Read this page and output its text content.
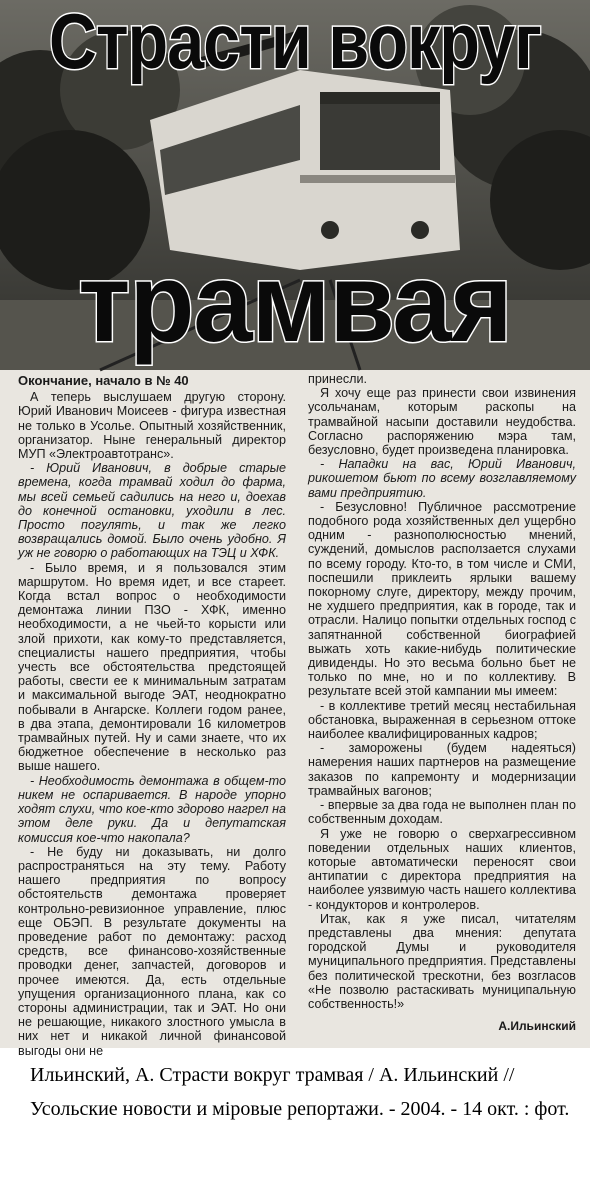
Страсти вокруг
трамвая

Окончание, начало в № 40

А теперь выслушаем другую сторону. Юрий Иванович Моисеев - фигура известная не только в Усолье. Опытный хозяйственник, организатор. Ныне генеральный директор МУП «Электроавтотранс».

- Юрий Иванович, в добрые старые времена, когда трамвай ходил до фарма, мы всей семьей садились на него и, доехав до конечной остановки, уходили в лес. Просто погулять, и так же легко возвращались домой. Было очень удобно. Я уж не говорю о работающих на ТЭЦ и ХФК.

- Было время, и я пользовался этим маршрутом. Но время идет, и все стареет. Когда встал вопрос о необходимости демонтажа линии ПЗО - ХФК, именно необходимости, а не чьей-то корысти или злой прихоти, как кому-то представляется, специалисты нашего предприятия, чтобы учесть все обстоятельства предстоящей работы, свести ее к минимальным затратам и максимальной выгоде ЭАТ, неоднократно побывали в Ангарске. Коллеги годом ранее, в два этапа, демонтировали 16 километров трамвайных путей. Ну и сами знаете, что их бюджетное обеспечение в несколько раз выше нашего.

- Необходимость демонтажа в общем-то никем не оспаривается. В народе упорно ходят слухи, что кое-кто здорово нагрел на этом деле руки. Да и депутатская комиссия кое-что накопала?

- Не буду ни доказывать, ни долго распространяться на эту тему. Работу нашего предприятия по вопросу обстоятельств демонтажа проверяет контрольно-ревизионное управление, плюс еще ОБЭП. В результате документы на проведение работ по демонтажу: расход средств, все финансово-хозяйственные проводки денег, запчастей, договоров и прочее имеются. Да, есть отдельные упущения организационного плана, как со стороны администрации, так и ЭАТ. Но они не решающие, никакого злостного умысла в них нет и никакой личной финансовой выгоды они не

принесли.

Я хочу еще раз принести свои извинения усольчанам, которым раскопы на трамвайной насыпи доставили неудобства. Согласно распоряжению мэра там, безусловно, будет произведена планировка.

- Нападки на вас, Юрий Иванович, рикошетом бьют по всему возглавляемому вами предприятию.

- Безусловно! Публичное рассмотрение подобного рода хозяйственных дел ущербно одним - разнополюсностью мнений, суждений, домыслов расползается слухами по всему городу. Кто-то, в том числе и СМИ, поспешили приклеить ярлыки вашему покорному слуге, директору, между прочим, не худшего предприятия, как в городе, так и отрасли. Налицо попытки отдельных господ с запятнанной собственной биографией выжать хоть какие-нибудь политические дивиденды. Но это весьма больно бьет не только по мне, но и по коллективу. В результате всей этой кампании мы имеем:

- в коллективе третий месяц нестабильная обстановка, выраженная в серьезном оттоке наиболее квалифицированных кадров;

- заморожены (будем надеяться) намерения наших партнеров на размещение заказов по капремонту и модернизации трамвайных вагонов;

- впервые за два года не выполнен план по собственным доходам.

Я уже не говорю о сверхагрессивном поведении отдельных наших клиентов, которые автоматически переносят свои антипатии с директора предприятия на наиболее уязвимую часть нашего коллектива - кондукторов и контролеров.

Итак, как я уже писал, читателям представлены два мнения: депутата городской Думы и руководителя муниципального предприятия. Представлены без политической трескотни, без возгласов «Не позволю растаскивать муниципальную собственность!»

А.Ильинский

Ильинский, А. Страсти вокруг трамвая / А. Ильинский // Усольские новости и міровые репортажи. - 2004. - 14 окт. : фот.
